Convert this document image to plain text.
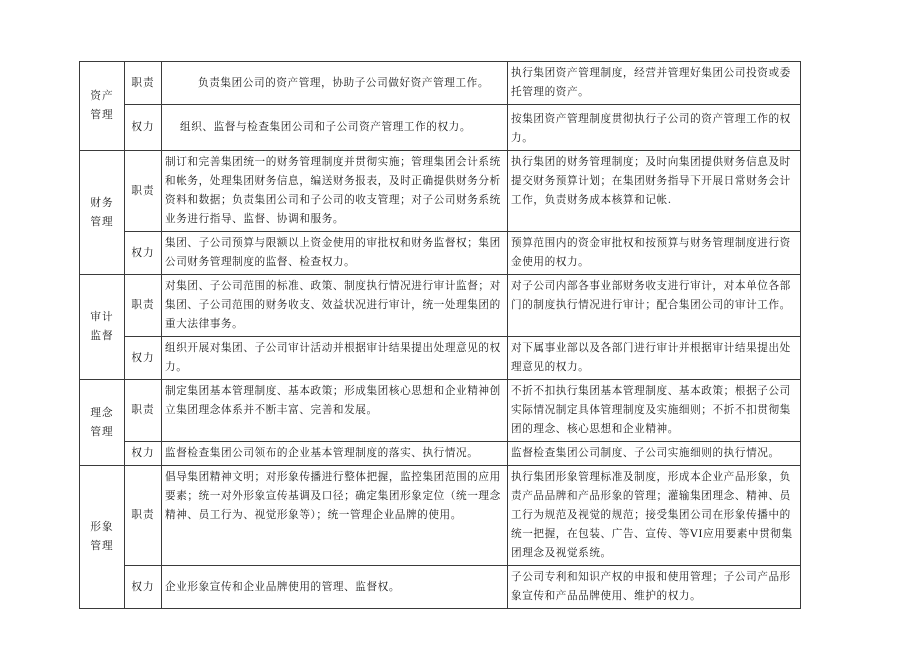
资产管理	职责	负责集团公司的资产管理，协助子公司做好资产管理工作。	执行集团资产管理制度，经营并管理好集团公司投资或委托管理的资产。
	权力	组织、监督与检查集团公司和子公司资产管理工作的权力。	按集团资产管理制度贯彻执行子公司的资产管理工作的权力。
财务管理	职责	制订和完善集团统一的财务管理制度并贯彻实施；管理集团会计系统和帐务，处理集团财务信息，编送财务报表，及时正确提供财务分析资料和数据；负责集团公司和子公司的收支管理；对子公司财务系统业务进行指导、监督、协调和服务。	执行集团的财务管理制度；及时向集团提供财务信息及时提交财务预算计划；在集团财务指导下开展日常财务会计工作，负责财务成本核算和记帐.
	权力	集团、子公司预算与限额以上资金使用的审批权和财务监督权；集团公司财务管理制度的监督、检查权力。	预算范围内的资金审批权和按预算与财务管理制度进行资金使用的权力。
审计监督	职责	对集团、子公司范围的标准、政策、制度执行情况进行审计监督；对集团、子公司范围的财务收支、效益状况进行审计，统一处理集团的重大法律事务。	对子公司内部各事业部财务收支进行审计，对本单位各部门的制度执行情况进行审计；配合集团公司的审计工作。
	权力	组织开展对集团、子公司审计活动并根据审计结果提出处理意见的权力。	对下属事业部以及各部门进行审计并根据审计结果提出处理意见的权力。
理念管理	职责	制定集团基本管理制度、基本政策；形成集团核心思想和企业精神创立集团理念体系并不断丰富、完善和发展。	不折不扣执行集团基本管理制度、基本政策；根据子公司实际情况制定具体管理制度及实施细则；不折不扣贯彻集团的理念、核心思想和企业精神。
	权力	监督检查集团公司领布的企业基本管理制度的落实、执行情况。	监督检查集团公司制度、子公司实施细则的执行情况。
形象管理	职责	倡导集团精神文明；对形象传播进行整体把握，监控集团范围的应用要素；统一对外形象宣传基调及口径；确定集团形象定位（统一理念精神、员工行为、视觉形象等）；统一管理企业品牌的使用。	执行集团形象管理标准及制度，形成本企业产品形象，负责产品品牌和产品形象的管理；灌输集团理念、精神、员工行为规范及视觉的规范；接受集团公司在形象传播中的统一把握，在包装、广告、宣传、等VI应用要素中贯彻集团理念及视觉系统。
	权力	企业形象宣传和企业品牌使用的管理、监督权。	子公司专利和知识产权的申报和使用管理；子公司产品形象宣传和产品品牌使用、维护的权力。
